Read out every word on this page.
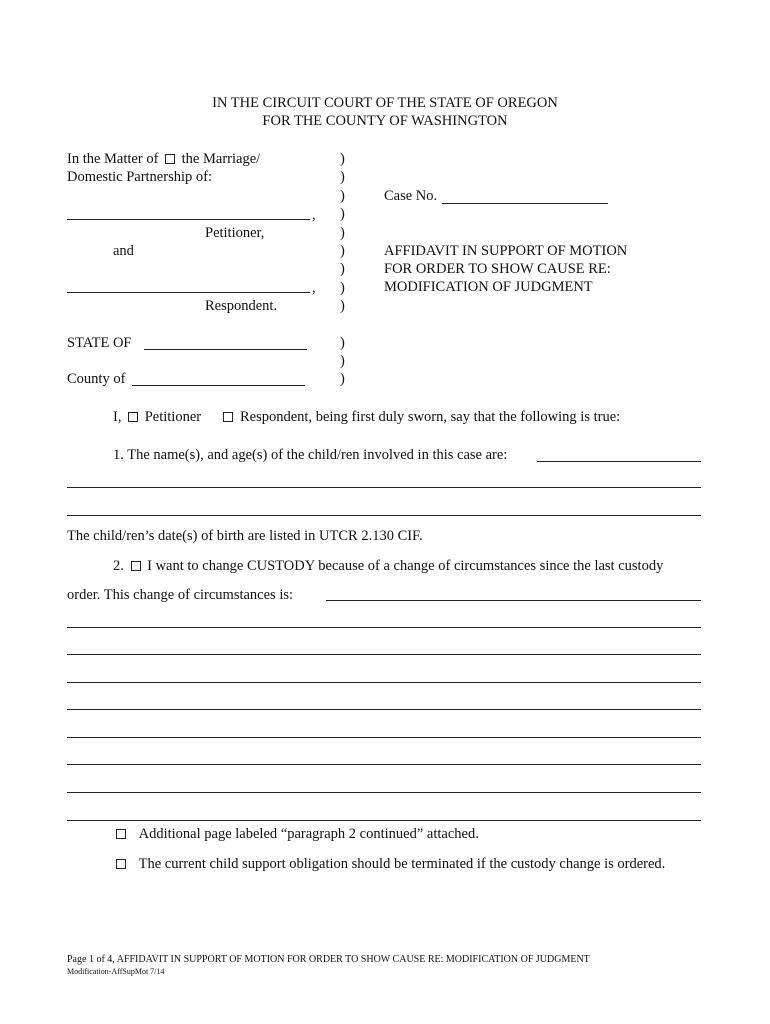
IN THE CIRCUIT COURT OF THE STATE OF OREGON
FOR THE COUNTY OF WASHINGTON
In the Matter of the Marriage/
Domestic Partnership of:
,
Petitioner,
and
,
Respondent.
)
)
)
)
)
)
)
)
)
)
)
)
Case No.
AFFIDAVIT IN SUPPORT OF MOTION
FOR ORDER TO SHOW CAUSE RE:
MODIFICATION OF JUDGMENT
STATE OF
County of
I, Petitioner	Respondent, being first duly sworn, say that the following is true:
1. The name(s), and age(s) of the child/ren involved in this case are:
The child/ren’s date(s) of birth are listed in UTCR 2.130 CIF.
2. I want to change CUSTODY because of a change of circumstances since the last custody
order. This change of circumstances is:
Additional page labeled “paragraph 2 continued” attached.
The current child support obligation should be terminated if the custody change is ordered.
Page 1 of 4, AFFIDAVIT IN SUPPORT OF MOTION FOR ORDER TO SHOW CAUSE RE: MODIFICATION OF JUDGMENT
Modification-AffSupMot 7/14
